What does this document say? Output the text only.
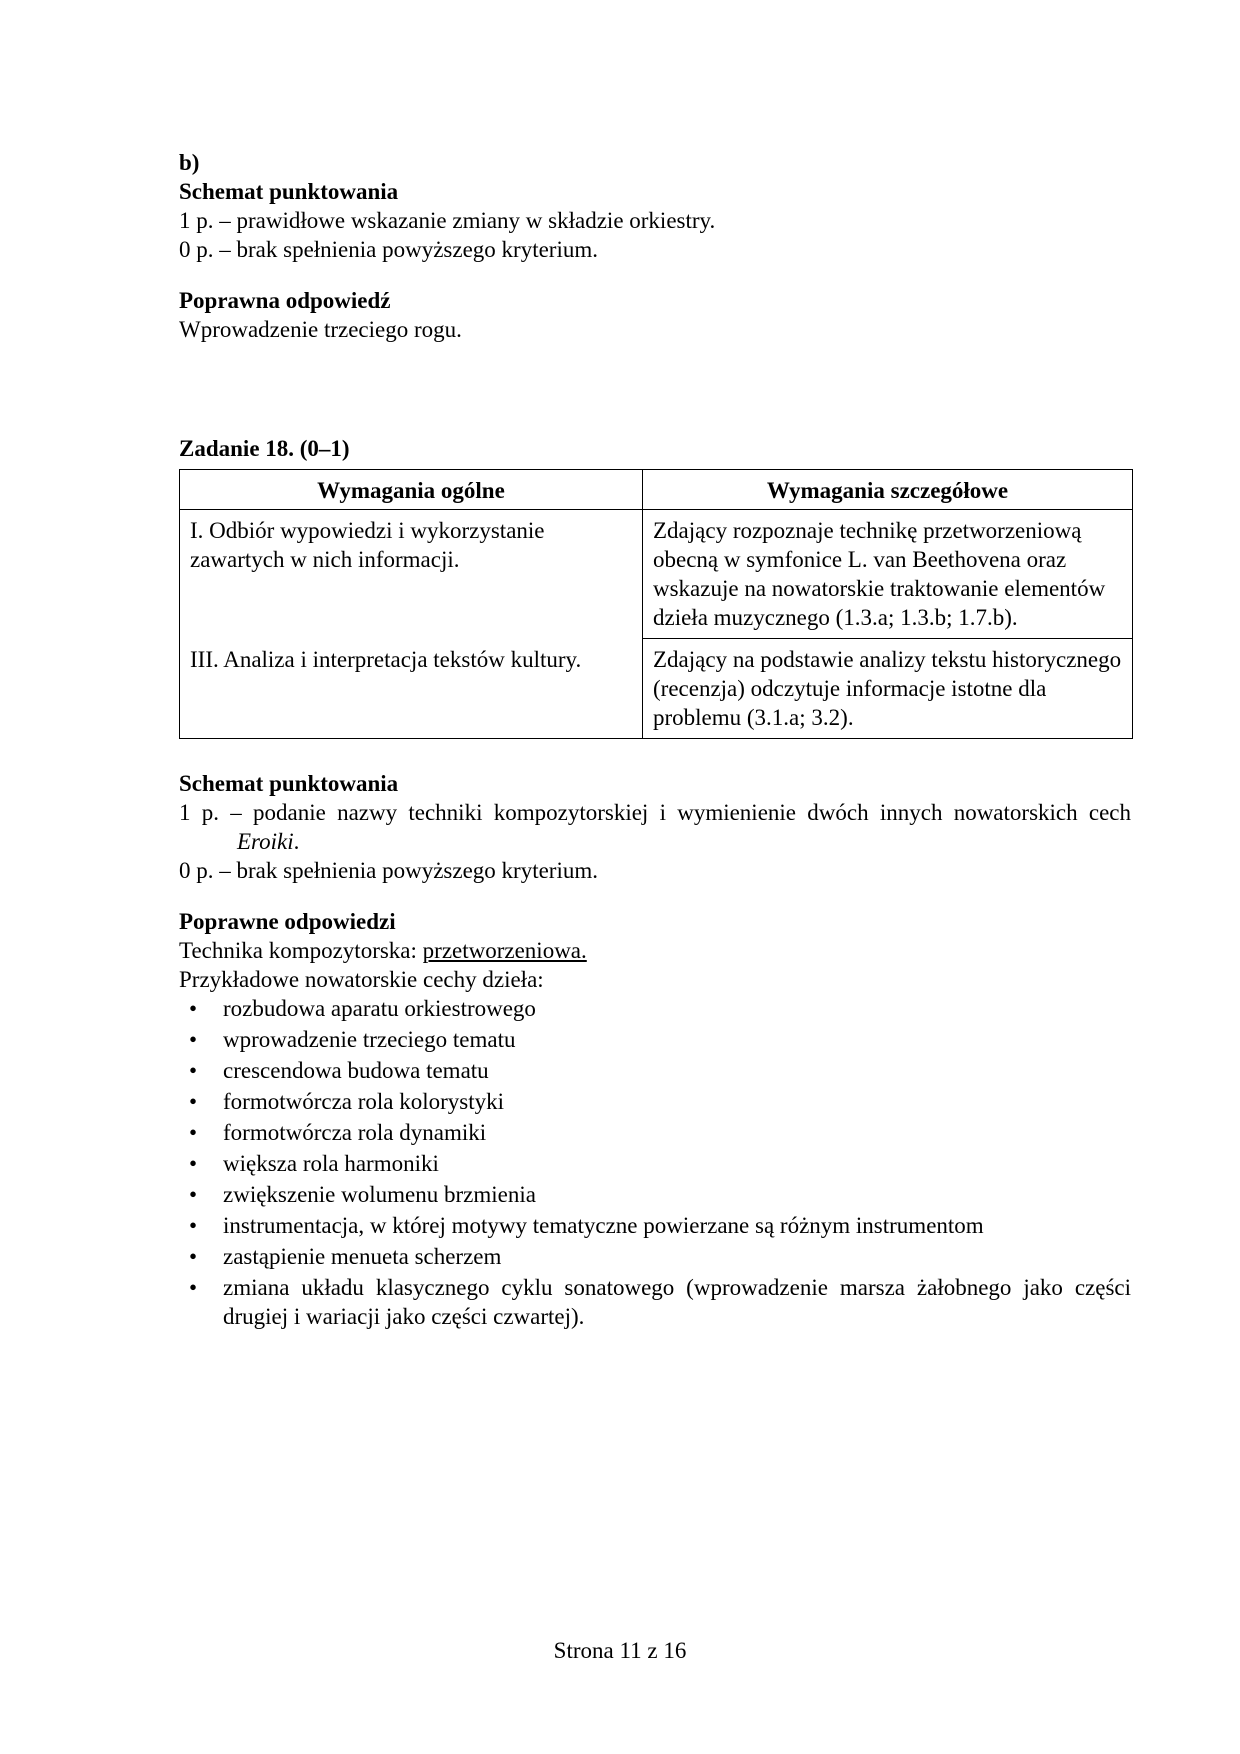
b)
Schemat punktowania
1 p. – prawidłowe wskazanie zmiany w składzie orkiestry.
0 p. – brak spełnienia powyższego kryterium.
Poprawna odpowiedź
Wprowadzenie trzeciego rogu.
Zadanie 18. (0–1)
Wymagania ogólne	Wymagania szczegółowe
I. Odbiór wypowiedzi i wykorzystanie zawartych w nich informacji.	Zdający rozpoznaje technikę przetworzeniową obecną w symfonice L. van Beethovena oraz wskazuje na nowatorskie traktowanie elementów dzieła muzycznego (1.3.a; 1.3.b; 1.7.b).
III. Analiza i interpretacja tekstów kultury.	Zdający na podstawie analizy tekstu historycznego (recenzja) odczytuje informacje istotne dla problemu (3.1.a; 3.2).
Schemat punktowania
1 p. – podanie nazwy techniki kompozytorskiej i wymienienie dwóch innych nowatorskich cech Eroiki.
0 p. – brak spełnienia powyższego kryterium.
Poprawne odpowiedzi
Technika kompozytorska: przetworzeniowa.
Przykładowe nowatorskie cechy dzieła:
• rozbudowa aparatu orkiestrowego
• wprowadzenie trzeciego tematu
• crescendowa budowa tematu
• formotwórcza rola kolorystyki
• formotwórcza rola dynamiki
• większa rola harmoniki
• zwiększenie wolumenu brzmienia
• instrumentacja, w której motywy tematyczne powierzane są różnym instrumentom
• zastąpienie menueta scherzem
• zmiana układu klasycznego cyklu sonatowego (wprowadzenie marsza żałobnego jako części drugiej i wariacji jako części czwartej).
Strona 11 z 16
